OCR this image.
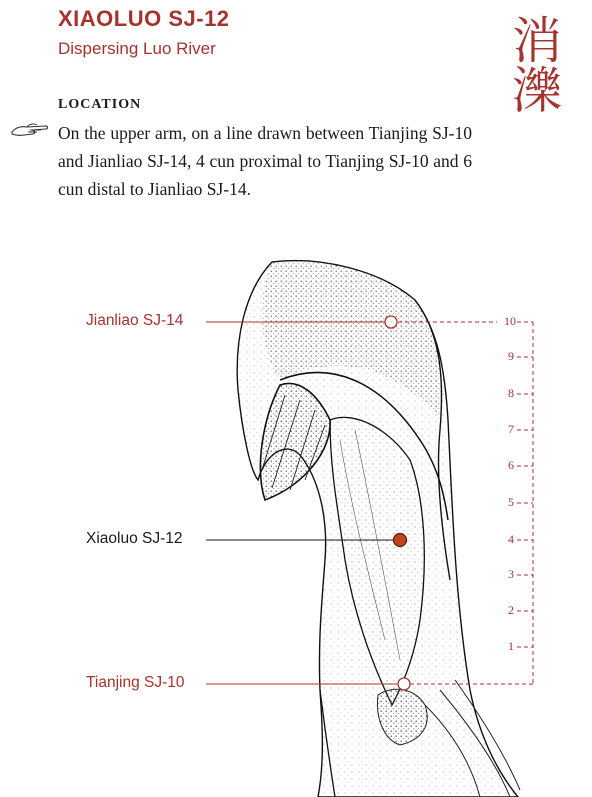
XIAOLUO SJ-12
Dispersing Luo River	消濼
LOCATION

On the upper arm, on a line drawn between Tianjing SJ-10 and Jianliao SJ-14, 4 cun proximal to Tianjing SJ-10 and 6 cun distal to Jianliao SJ-14.

Jianliao SJ-14
Xiaoluo SJ-12
Tianjing SJ-10
10
9
8
7
6
5
4
3
2
1
